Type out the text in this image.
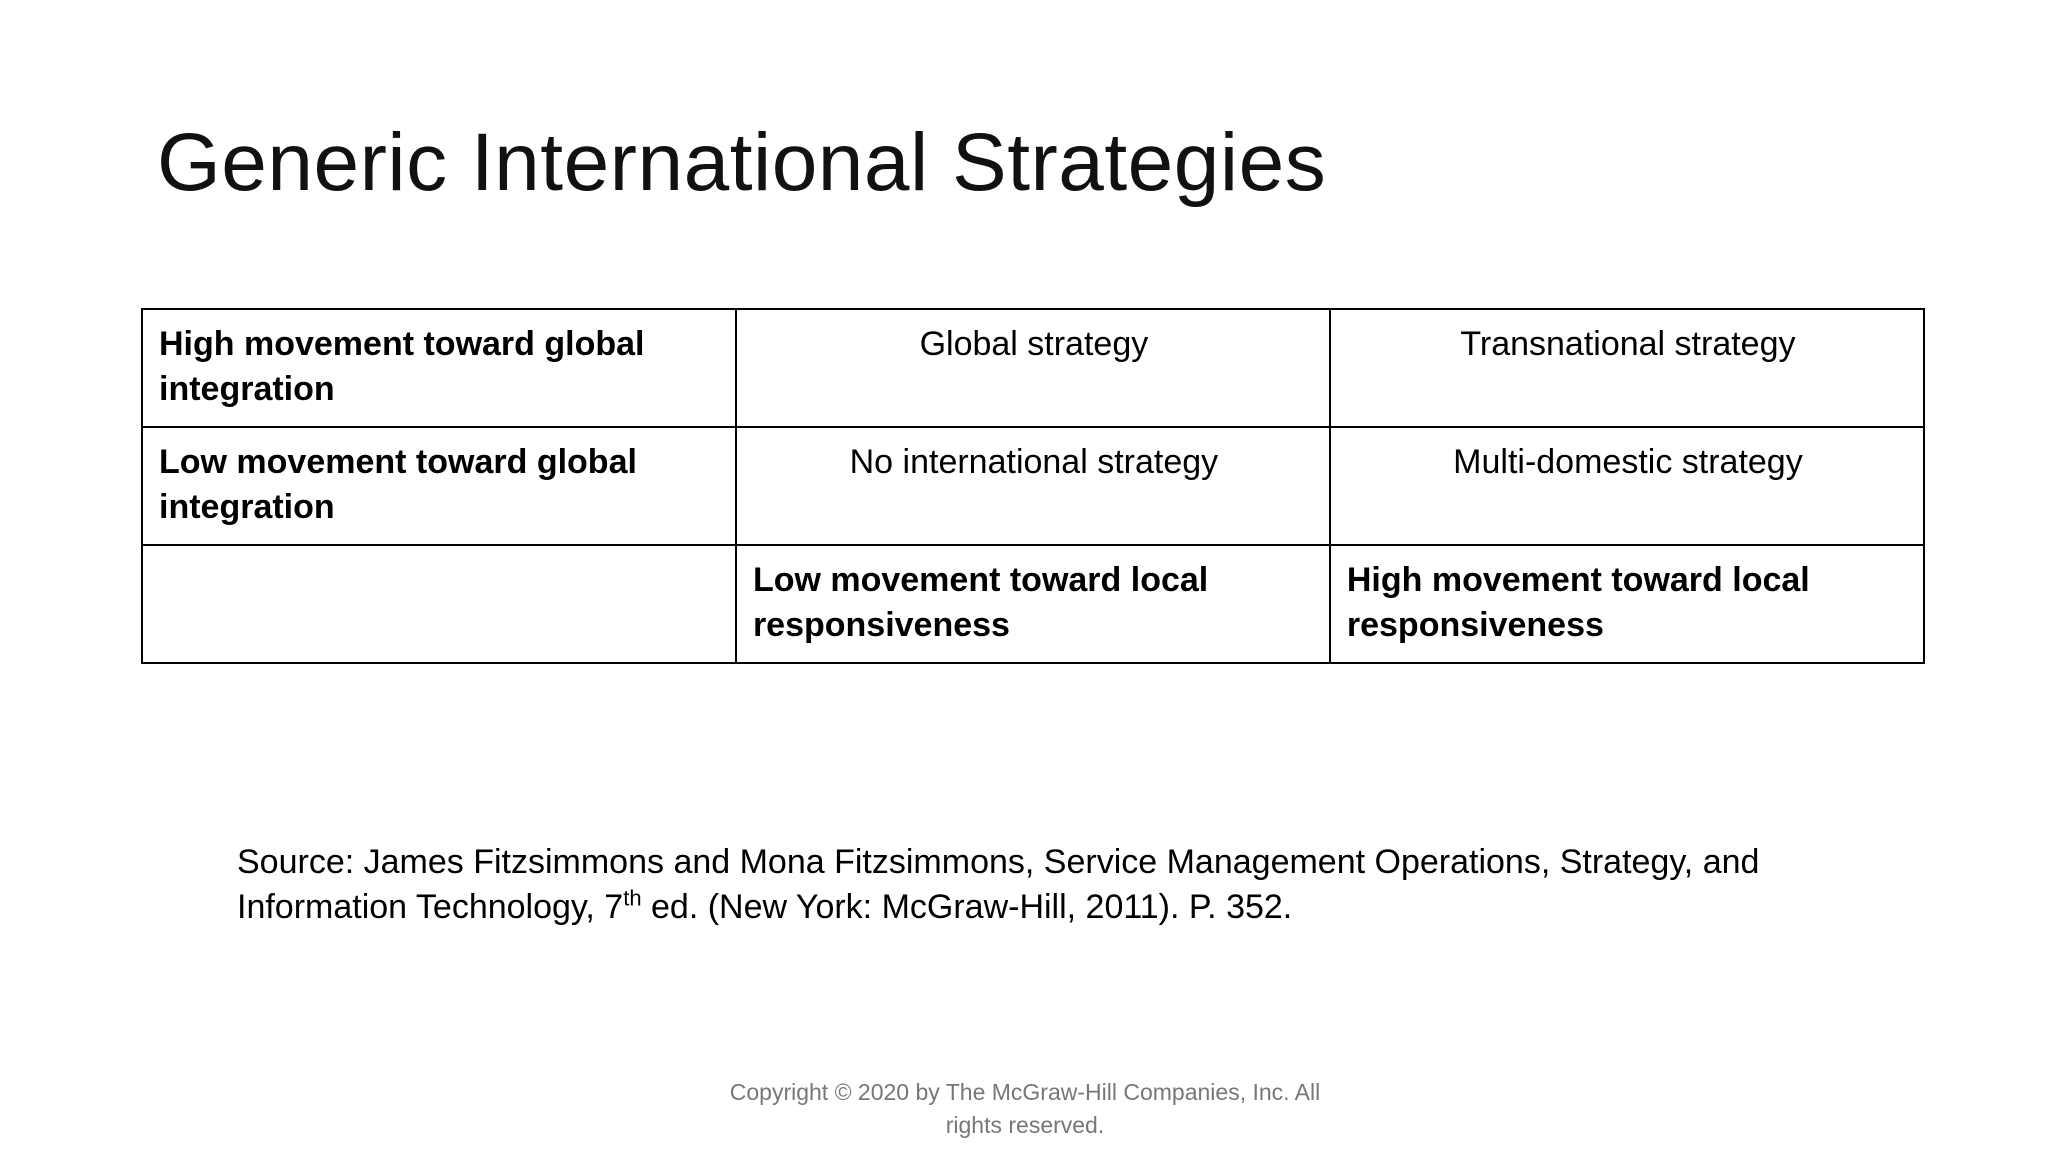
Generic International Strategies
High movement toward global integration	Global strategy	Transnational strategy
Low movement toward global integration	No international strategy	Multi-domestic strategy
	Low movement toward local responsiveness	High movement toward local responsiveness
Source: James Fitzsimmons and Mona Fitzsimmons, Service Management Operations, Strategy, and Information Technology, 7th ed. (New York: McGraw-Hill, 2011). P. 352.
Copyright © 2020 by The McGraw-Hill Companies, Inc. All rights reserved.
